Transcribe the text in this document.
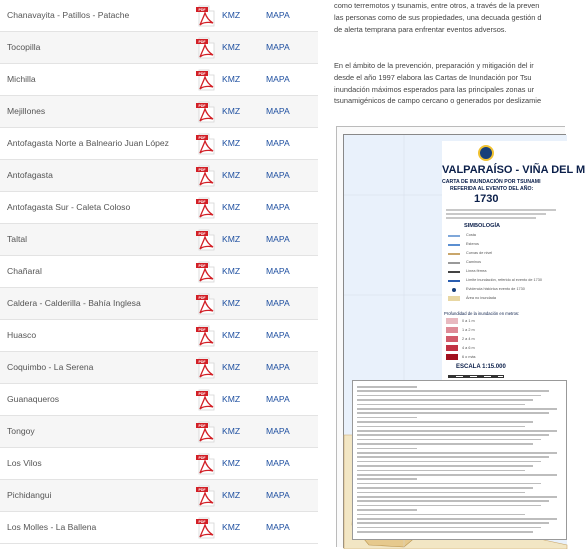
Chanavayita - Patillos - Patache	PDF KMZ	MAPA
Tocopilla	PDF KMZ	MAPA
Michilla	PDF KMZ	MAPA
Mejillones	PDF KMZ	MAPA
Antofagasta Norte a Balneario Juan López	PDF KMZ	MAPA
Antofagasta	PDF KMZ	MAPA
Antofagasta Sur - Caleta Coloso	PDF KMZ	MAPA
Taltal	PDF KMZ	MAPA
Chañaral	PDF KMZ	MAPA
Caldera - Calderilla - Bahía Inglesa	PDF KMZ	MAPA
Huasco	PDF KMZ	MAPA
Coquimbo - La Serena	PDF KMZ	MAPA
Guanaqueros	PDF KMZ	MAPA
Tongoy	PDF KMZ	MAPA
Los Vilos	PDF KMZ	MAPA
Pichidangui	PDF KMZ	MAPA
Los Molles - La Ballena	PDF KMZ	MAPA
como terremotos y tsunamis, entre otros, a través de la preven
las personas como de sus propiedades, una decuada gestión d
de alerta temprana para enfrentar eventos adversos.
En el ámbito de la prevención, preparación y mitigación del ir
desde el año 1997 elabora las Cartas de Inundación por Tsu
inundación máximos esperados para las principales zonas ur
tsunamigénicos de campo cercano o generados por deslizamie
VALPARAÍSO - VIÑA DEL M
CARTA DE INUNDACIÓN POR TSUNAMI
REFERIDA AL EVENTO DEL AÑO:
1730
SIMBOLOGÍA
Costa
Esteros
Curvas de nivel
Caminos
Línea férrea
Límite inundación, referido al evento de 1730
Evidencia histórica evento de 1730
Área no inundada
Profundidad de la inundación en metros:
0 a 1 m
1 a 2 m
2 a 4 m
4 a 6 m
6 o más
ESCALA 1:15.000
